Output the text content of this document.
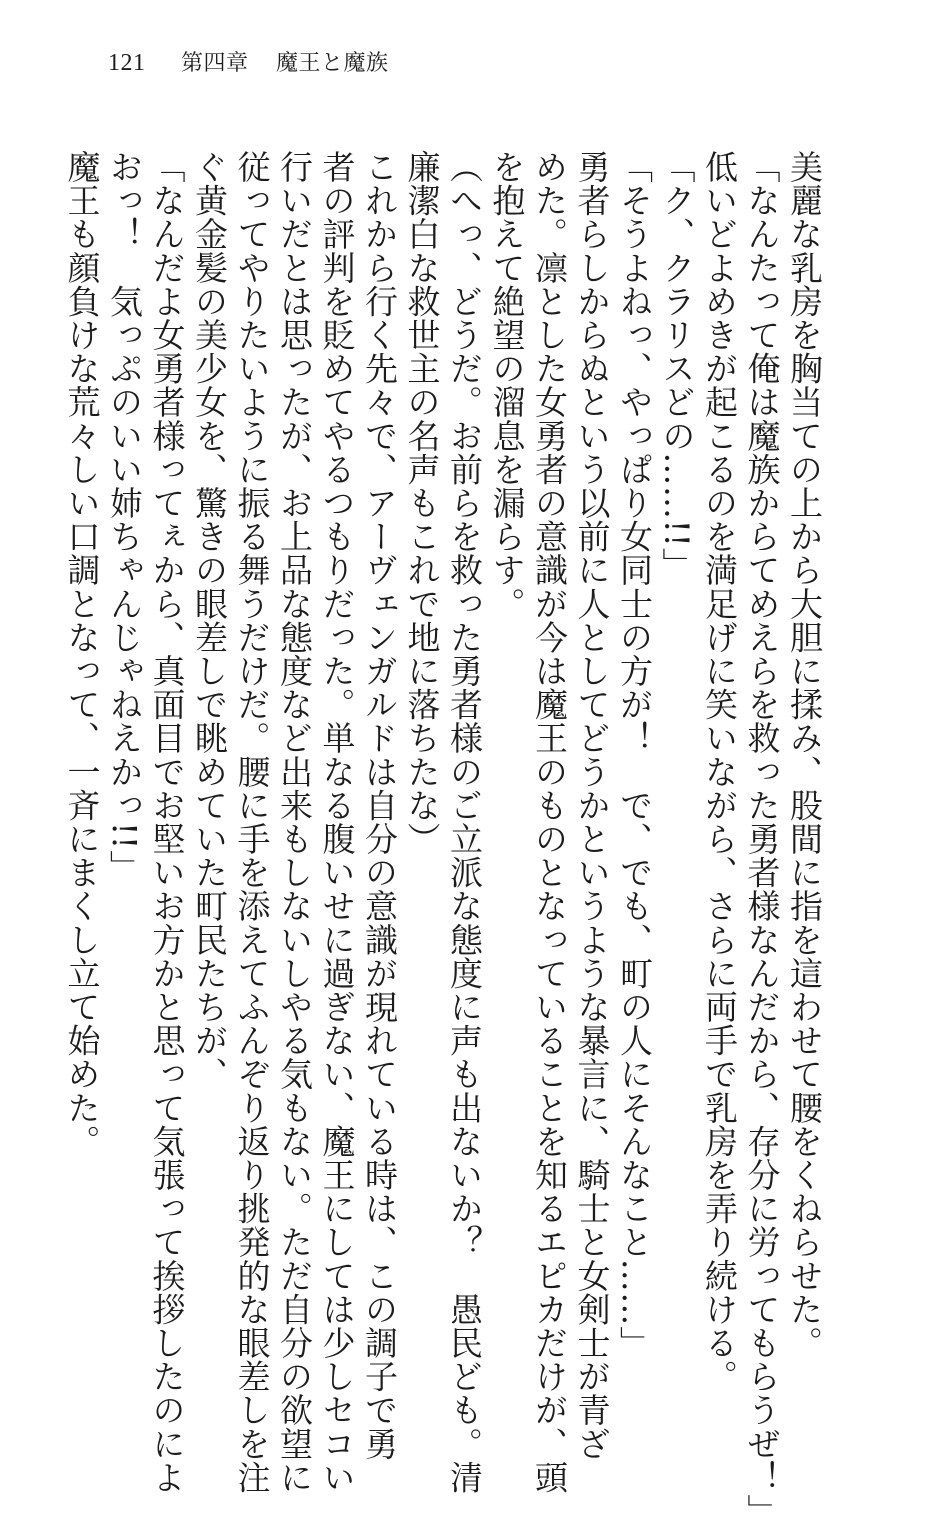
121 第四章 魔王と魔族
美麗な乳房を胸当ての上から大胆に揉み、股間に指を這わせて腰をくねらせた。
「なんたって俺は魔族からてめえらを救った勇者様なんだから、存分に労ってもらうぜ！」
低いどよめきが起こるのを満足げに笑いながら、さらに両手で乳房を弄り続ける。
「ク、クラリスどの……!!」
「そうよねっ、やっぱり女同士の方が！　で、でも、町の人にそんなこと……」
勇者らしからぬという以前に人としてどうかというような暴言に、騎士と女剣士が青ざ
めた。凛とした女勇者の意識が今は魔王のものとなっていることを知るエピカだけが、頭
を抱えて絶望の溜息を漏らす。
（へっ、どうだ。お前らを救った勇者様のご立派な態度に声も出ないか？　愚民ども。清
廉潔白な救世主の名声もこれで地に落ちたな）
これから行く先々で、アーヴェンガルドは自分の意識が現れている時は、この調子で勇
者の評判を貶めてやるつもりだった。単なる腹いせに過ぎない、魔王にしては少しセコい
行いだとは思ったが、お上品な態度など出来もしないしやる気もない。ただ自分の欲望に
従ってやりたいように振る舞うだけだ。腰に手を添えてふんぞり返り挑発的な眼差しを注
ぐ黄金髪の美少女を、驚きの眼差しで眺めていた町民たちが、
「なんだよ女勇者様ってぇから、真面目でお堅いお方かと思って気張って挨拶したのによ
おっ！　気っぷのいい姉ちゃんじゃねえかっ!!」
魔王も顔負けな荒々しい口調となって、一斉にまくし立て始めた。
